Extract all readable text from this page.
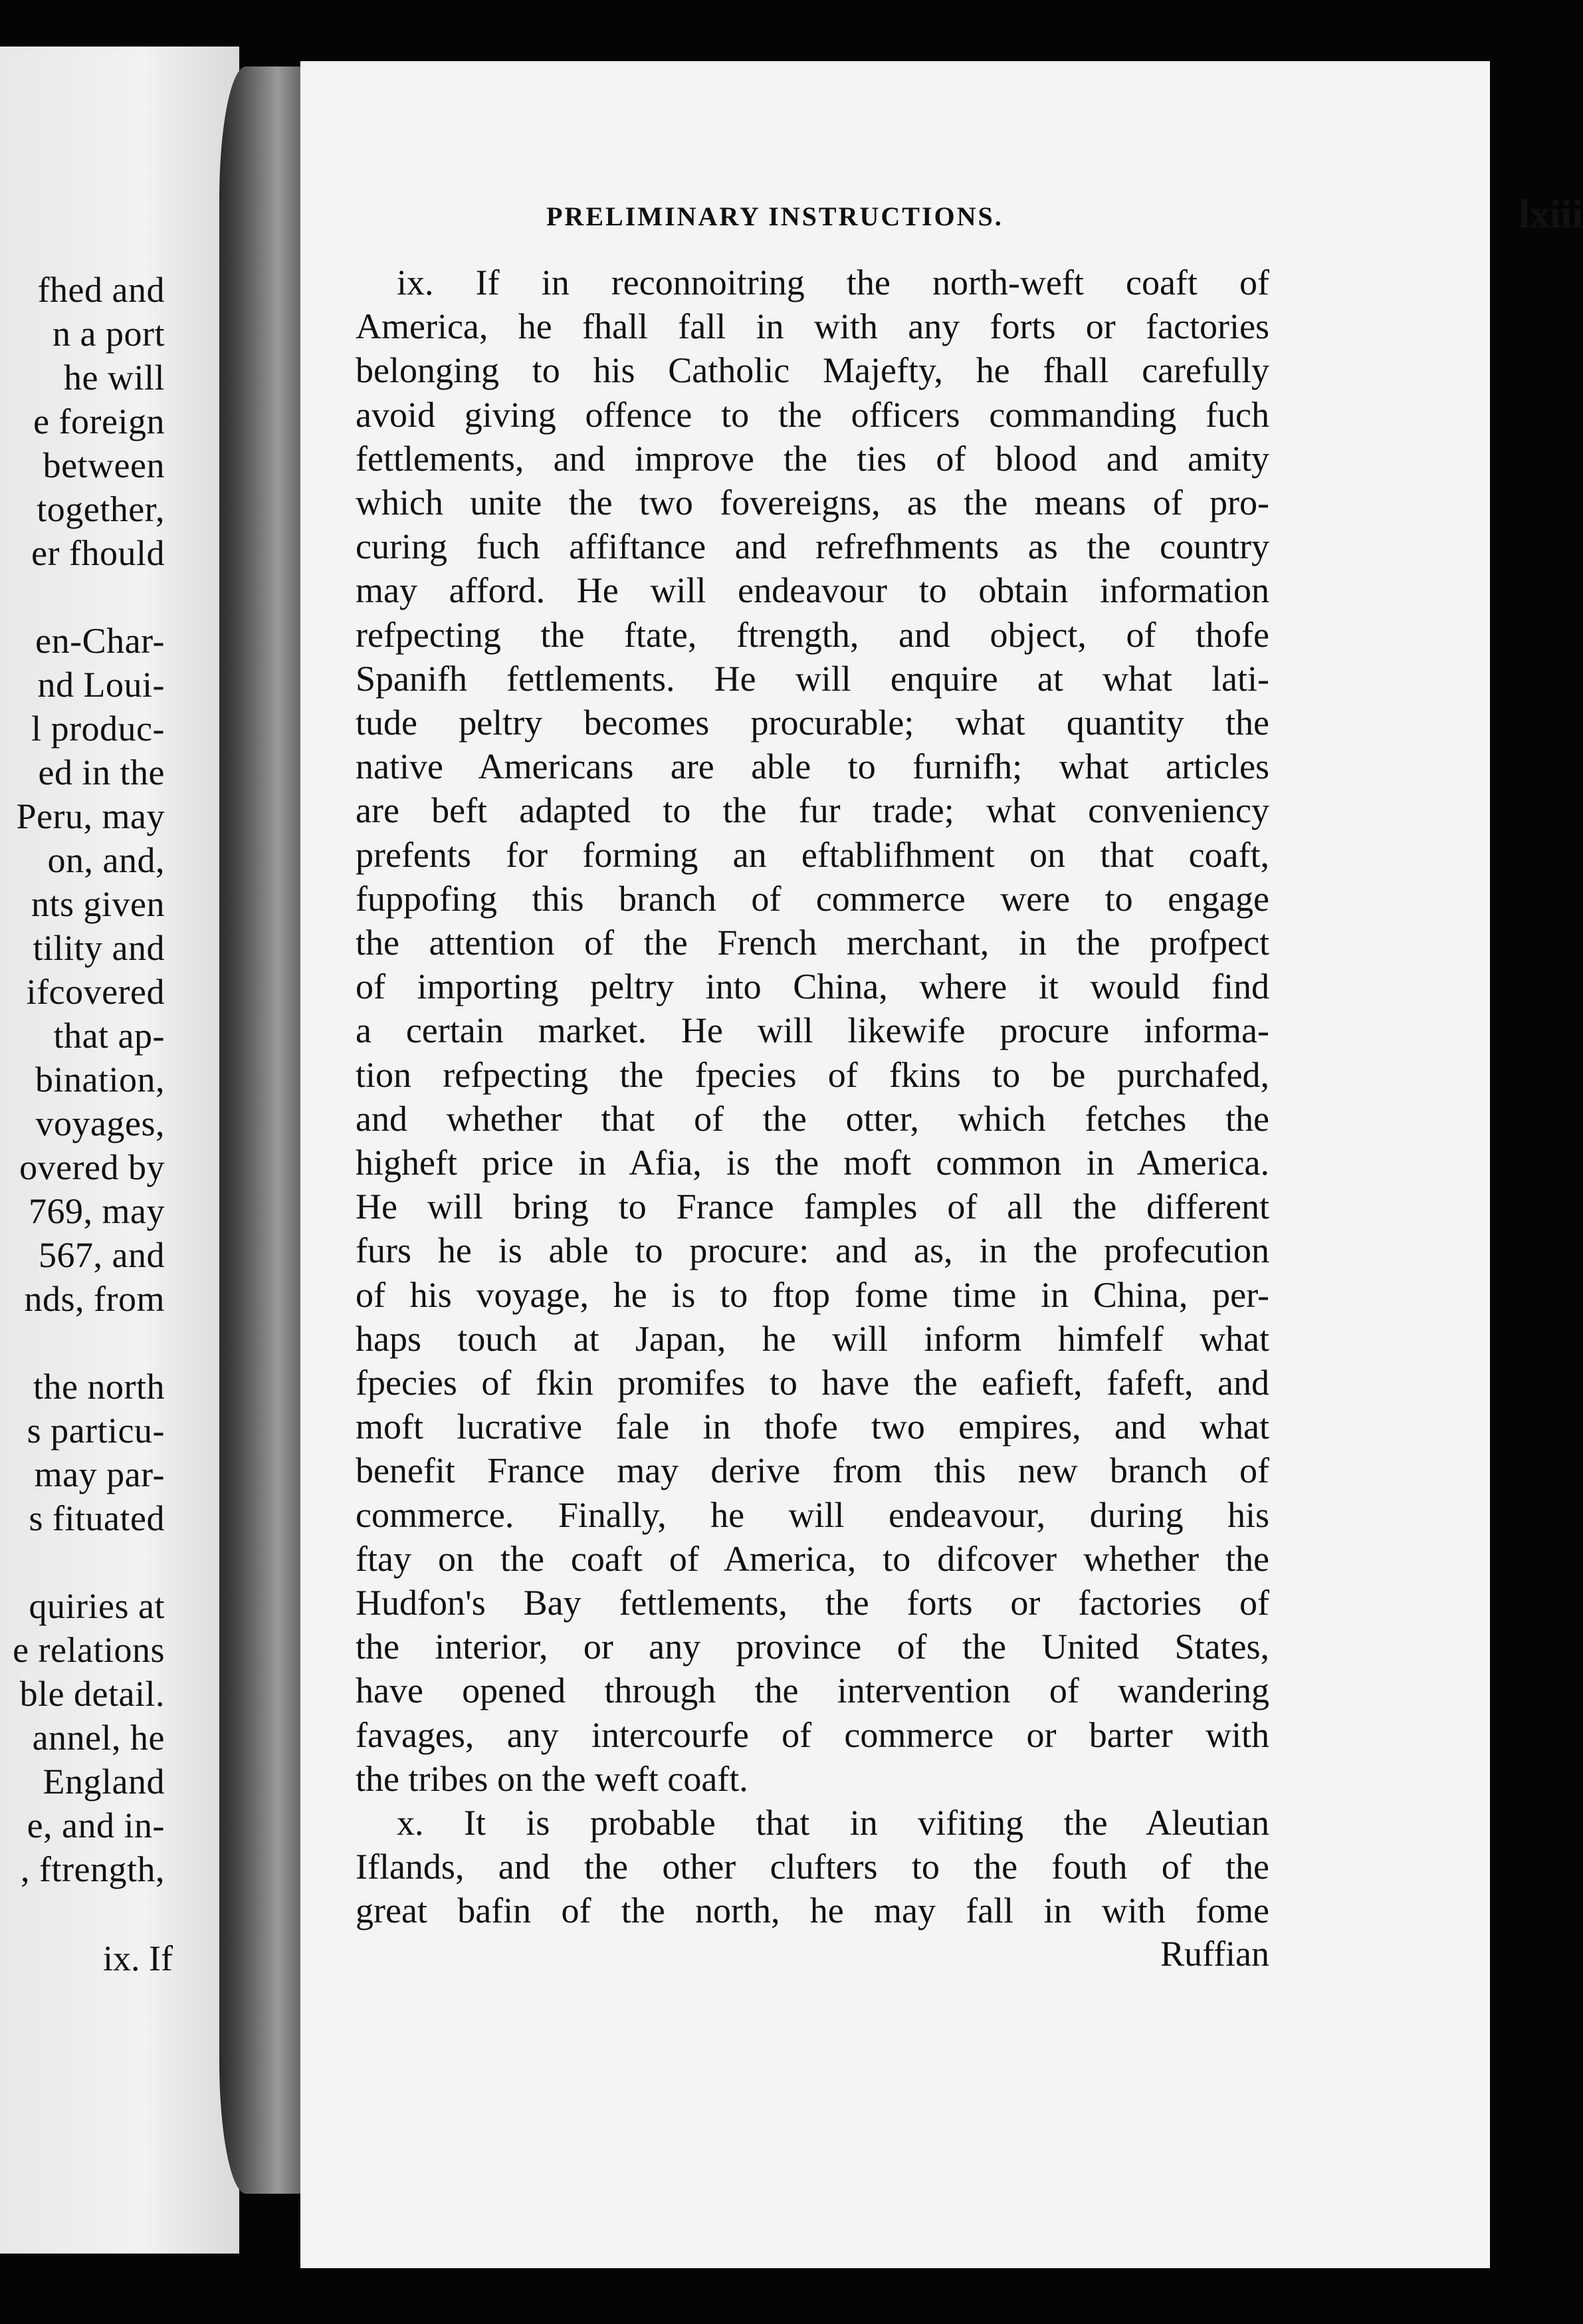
fhed and
n a port
he will
e foreign
between
together,
er fhould
en-Char-
nd Loui-
l produc-
ed in the
Peru, may
on, and,
nts given
tility and
ifcovered
that ap-
bination,
voyages,
overed by
769, may
567, and
nds, from
the north
s particu-
may par-
s fituated
quiries at
e relations
ble detail.
annel, he
England
e, and in-
, ftrength,
ix. If
PRELIMINARY INSTRUCTIONS.	lxiii
Ruffian
ix. If in reconnoitring the north-weft coaft of
America, he fhall fall in with any forts or factories
belonging to his Catholic Majefty, he fhall carefully
avoid giving offence to the officers commanding fuch
fettlements, and improve the ties of blood and amity
which unite the two fovereigns, as the means of pro-
curing fuch affiftance and refrefhments as the country
may afford. He will endeavour to obtain information
refpecting the ftate, ftrength, and object, of thofe
Spanifh fettlements. He will enquire at what lati-
tude peltry becomes procurable; what quantity the
native Americans are able to furnifh; what articles
are beft adapted to the fur trade; what conveniency
prefents for forming an eftablifhment on that coaft,
fuppofing this branch of commerce were to engage
the attention of the French merchant, in the profpect
of importing peltry into China, where it would find
a certain market. He will likewife procure informa-
tion refpecting the fpecies of fkins to be purchafed,
and whether that of the otter, which fetches the
higheft price in Afia, is the moft common in America.
He will bring to France famples of all the different
furs he is able to procure: and as, in the profecution
of his voyage, he is to ftop fome time in China, per-
haps touch at Japan, he will inform himfelf what
fpecies of fkin promifes to have the eafieft, fafeft, and
moft lucrative fale in thofe two empires, and what
benefit France may derive from this new branch of
commerce. Finally, he will endeavour, during his
ftay on the coaft of America, to difcover whether the
Hudfon's Bay fettlements, the forts or factories of
the interior, or any province of the United States,
have opened through the intervention of wandering
favages, any intercourfe of commerce or barter with
the tribes on the weft coaft.
x. It is probable that in vifiting the Aleutian
Iflands, and the other clufters to the fouth of the
great bafin of the north, he may fall in with fome
